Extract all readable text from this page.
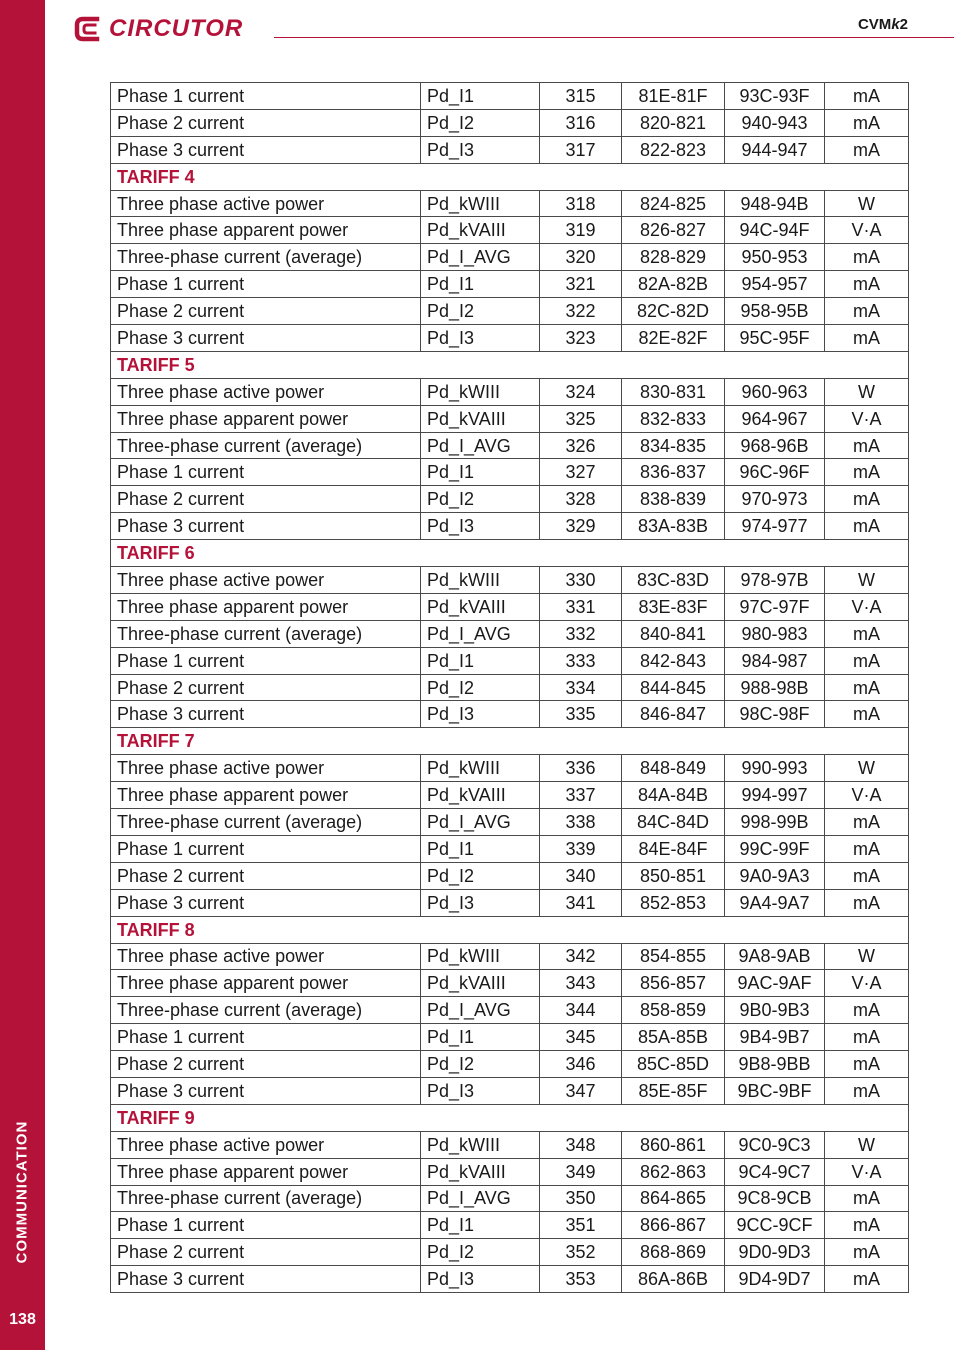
COMMUNICATION
138
CIRCUTOR	CVMk2
Phase 1 current	Pd_I1	315	81E-81F	93C-93F	mA
Phase 2 current	Pd_I2	316	820-821	940-943	mA
Phase 3 current	Pd_I3	317	822-823	944-947	mA
TARIFF 4					
Three phase active power	Pd_kWIII	318	824-825	948-94B	W
Three phase apparent power	Pd_kVAIII	319	826-827	94C-94F	V·A
Three-phase current (average)	Pd_I_AVG	320	828-829	950-953	mA
Phase 1 current	Pd_I1	321	82A-82B	954-957	mA
Phase 2 current	Pd_I2	322	82C-82D	958-95B	mA
Phase 3 current	Pd_I3	323	82E-82F	95C-95F	mA
TARIFF 5					
Three phase active power	Pd_kWIII	324	830-831	960-963	W
Three phase apparent power	Pd_kVAIII	325	832-833	964-967	V·A
Three-phase current (average)	Pd_I_AVG	326	834-835	968-96B	mA
Phase 1 current	Pd_I1	327	836-837	96C-96F	mA
Phase 2 current	Pd_I2	328	838-839	970-973	mA
Phase 3 current	Pd_I3	329	83A-83B	974-977	mA
TARIFF 6					
Three phase active power	Pd_kWIII	330	83C-83D	978-97B	W
Three phase apparent power	Pd_kVAIII	331	83E-83F	97C-97F	V·A
Three-phase current (average)	Pd_I_AVG	332	840-841	980-983	mA
Phase 1 current	Pd_I1	333	842-843	984-987	mA
Phase 2 current	Pd_I2	334	844-845	988-98B	mA
Phase 3 current	Pd_I3	335	846-847	98C-98F	mA
TARIFF 7					
Three phase active power	Pd_kWIII	336	848-849	990-993	W
Three phase apparent power	Pd_kVAIII	337	84A-84B	994-997	V·A
Three-phase current (average)	Pd_I_AVG	338	84C-84D	998-99B	mA
Phase 1 current	Pd_I1	339	84E-84F	99C-99F	mA
Phase 2 current	Pd_I2	340	850-851	9A0-9A3	mA
Phase 3 current	Pd_I3	341	852-853	9A4-9A7	mA
TARIFF 8					
Three phase active power	Pd_kWIII	342	854-855	9A8-9AB	W
Three phase apparent power	Pd_kVAIII	343	856-857	9AC-9AF	V·A
Three-phase current (average)	Pd_I_AVG	344	858-859	9B0-9B3	mA
Phase 1 current	Pd_I1	345	85A-85B	9B4-9B7	mA
Phase 2 current	Pd_I2	346	85C-85D	9B8-9BB	mA
Phase 3 current	Pd_I3	347	85E-85F	9BC-9BF	mA
TARIFF 9					
Three phase active power	Pd_kWIII	348	860-861	9C0-9C3	W
Three phase apparent power	Pd_kVAIII	349	862-863	9C4-9C7	V·A
Three-phase current (average)	Pd_I_AVG	350	864-865	9C8-9CB	mA
Phase 1 current	Pd_I1	351	866-867	9CC-9CF	mA
Phase 2 current	Pd_I2	352	868-869	9D0-9D3	mA
Phase 3 current	Pd_I3	353	86A-86B	9D4-9D7	mA
